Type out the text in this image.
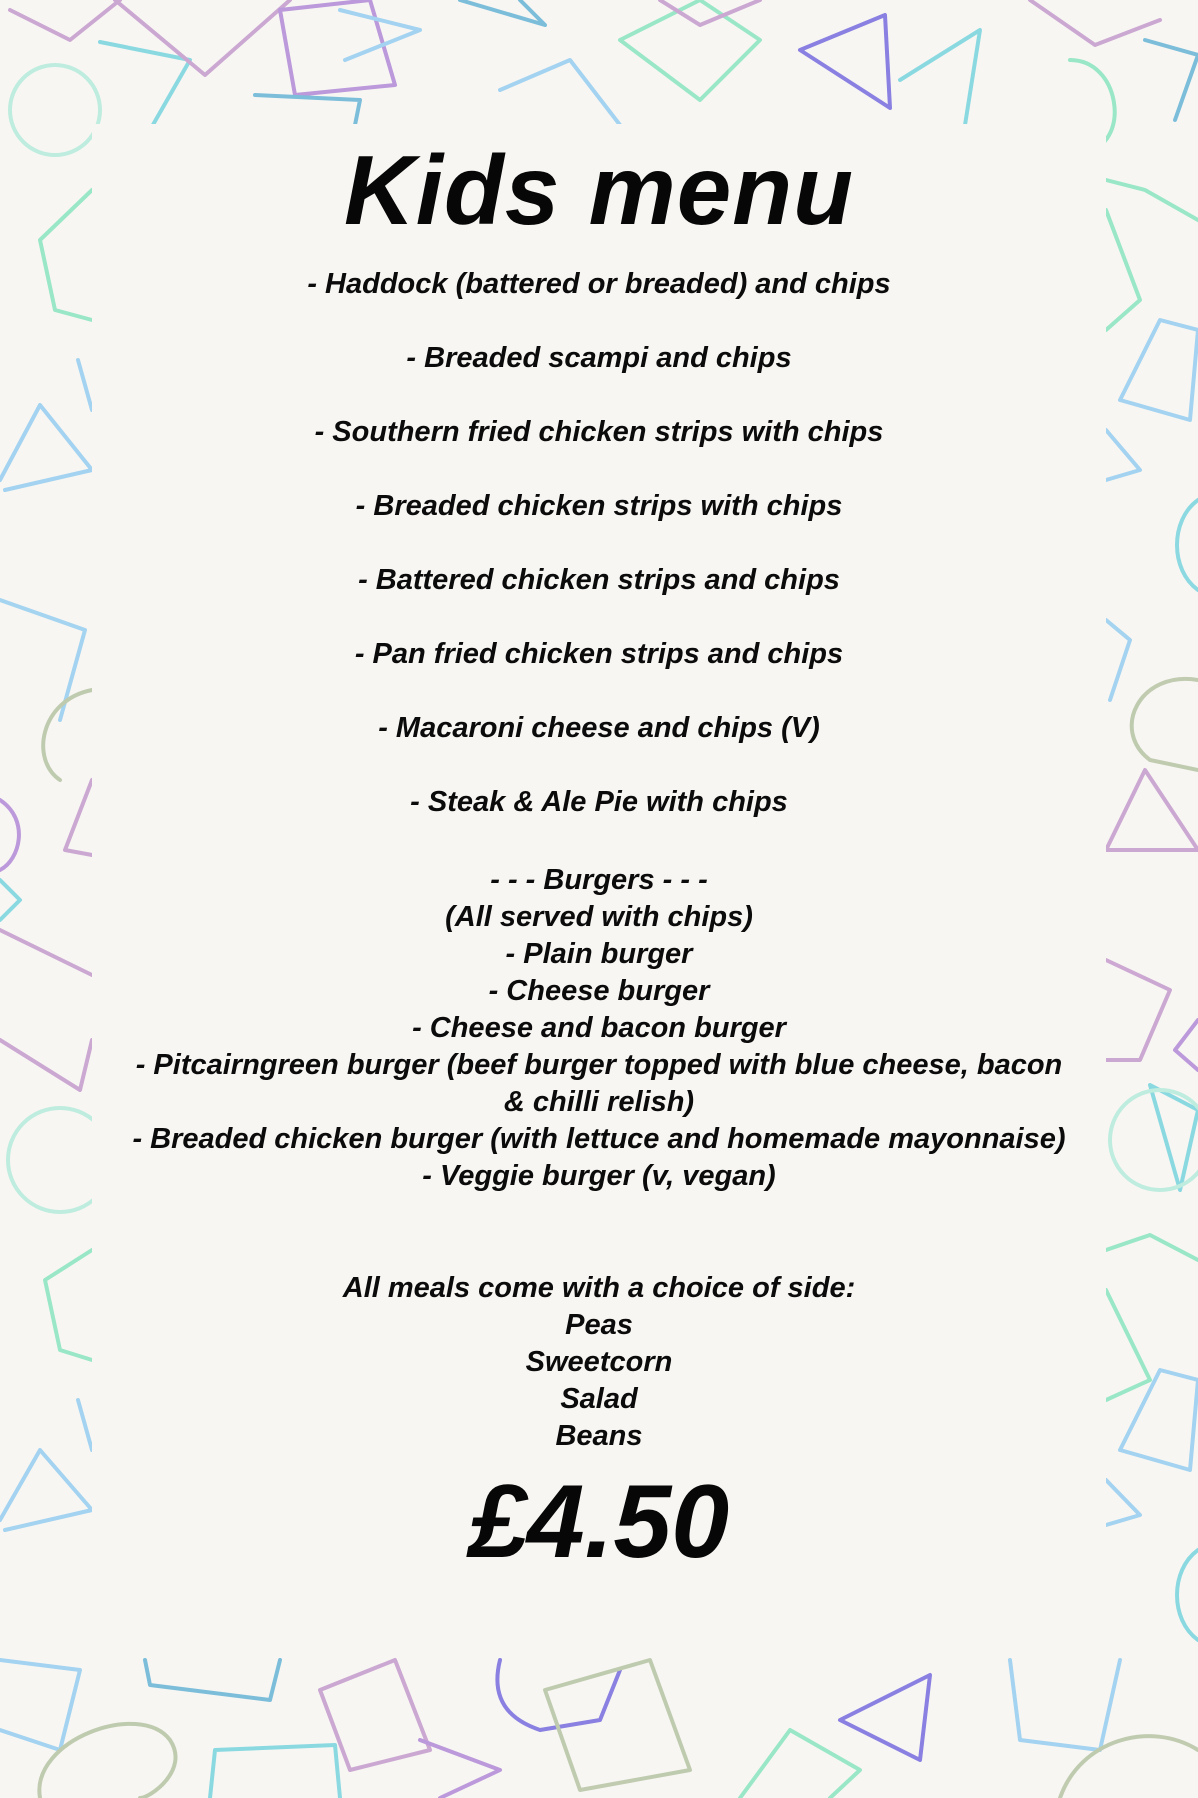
Kids menu
- Haddock (battered or breaded) and chips
- Breaded scampi and chips
- Southern fried chicken strips with chips
- Breaded chicken strips with chips
- Battered chicken strips and chips
- Pan fried chicken strips and chips
- Macaroni cheese and chips (V)
- Steak & Ale Pie with chips
- - - Burgers - - -
(All served with chips)
- Plain burger
- Cheese burger
- Cheese and bacon burger
- Pitcairngreen burger (beef burger topped with blue cheese, bacon
& chilli relish)
- Breaded chicken burger (with lettuce and homemade mayonnaise)
- Veggie burger (v, vegan)
All meals come with a choice of side:
Peas
Sweetcorn
Salad
Beans
£4.50
